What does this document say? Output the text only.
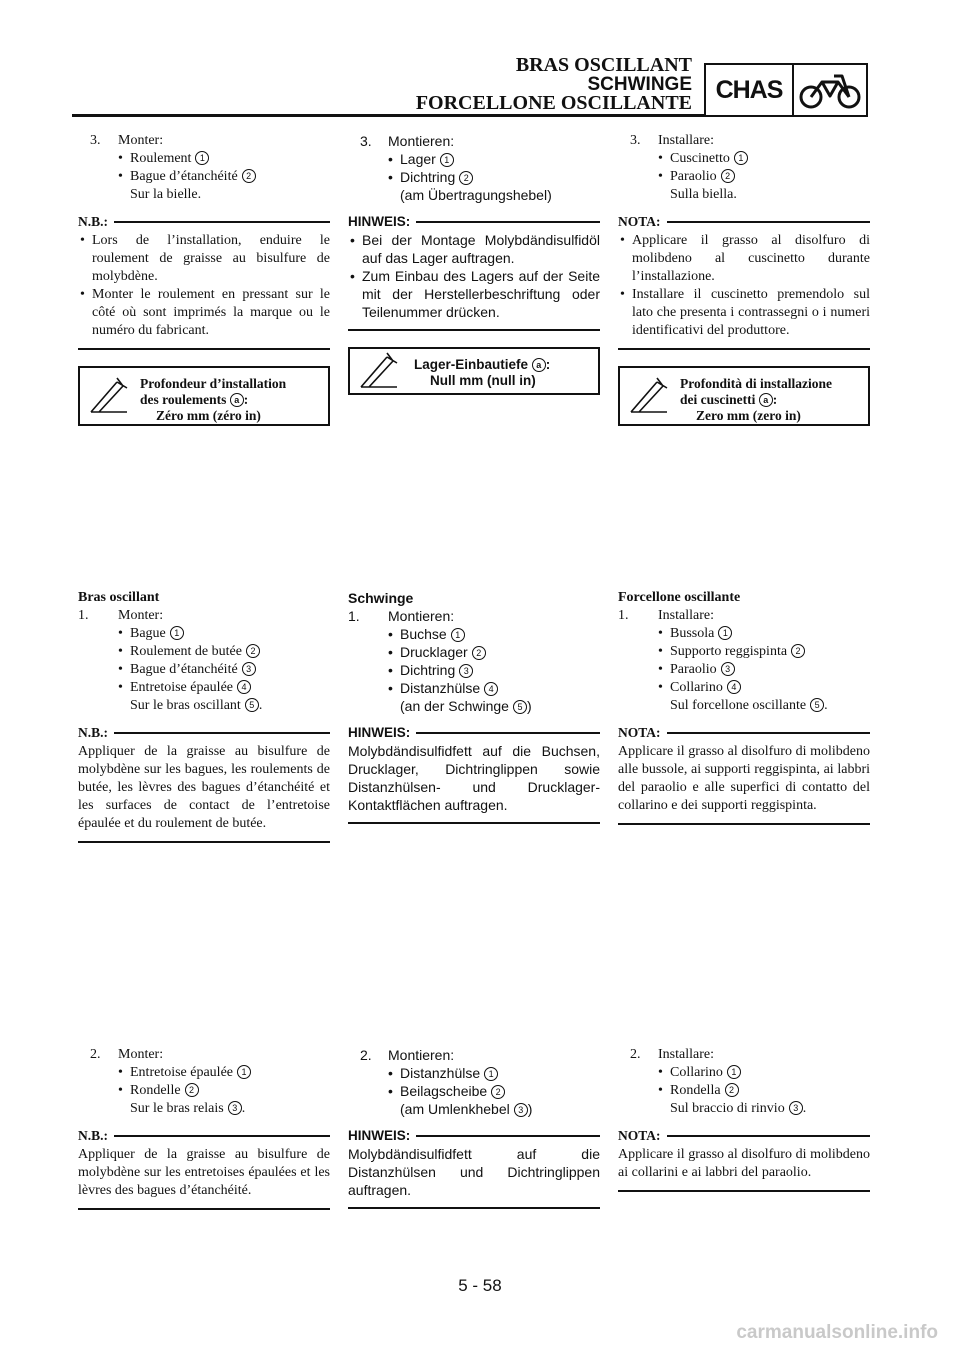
BRAS OSCILLANT
SCHWINGE
FORCELLONE OSCILLANTE CHAS
3. Monter:
• Roulement 1
• Bague d’étanchéité 2
Sur la bielle.
N.B.:
• Lors de l’installation, enduire le roulement de graisse au bisulfure de molybdène.
• Monter le roulement en pressant sur le côté où sont imprimés la marque ou le numéro du fabricant.
Profondeur d’installation
des roulements a :
Zéro mm (zéro in)
Bras oscillant
1. Monter:
• Bague 1
• Roulement de butée 2
• Bague d’étanchéité 3
• Entretoise épaulée 4
Sur le bras oscillant 5 .
N.B.:
Appliquer de la graisse au bisulfure de molybdène sur les bagues, les roulements de butée, les lèvres des bagues d’étanchéité et les surfaces de contact de l’entretoise épaulée et du roulement de butée.
2. Monter:
• Entretoise épaulée 1
• Rondelle 2
Sur le bras relais 3 .
N.B.:
Appliquer de la graisse au bisulfure de molybdène sur les entretoises épaulées et les lèvres des bagues d’étanchéité.
3. Montieren:
• Lager 1
• Dichtring 2
(am Übertragungshebel)
HINWEIS:
• Bei der Montage Molybdändisulfidöl auf das Lager auftragen.
• Zum Einbau des Lagers auf der Seite mit der Herstellerbeschriftung oder Teilenummer drücken.
Lager-Einbautiefe a :
Null mm (null in)
Schwinge
1. Montieren:
• Buchse 1
• Drucklager 2
• Dichtring 3
• Distanzhülse 4
(an der Schwinge 5 )
HINWEIS:
Molybdändisulfidfett auf die Buchsen, Drucklager, Dichtringlippen sowie Distanzhülsen- und Drucklager-Kontaktflächen auftragen.
2. Montieren:
• Distanzhülse 1
• Beilagscheibe 2
(am Umlenkhebel 3 )
HINWEIS:
Molybdändisulfidfett auf die Distanzhülsen und Dichtringlippen auftragen.
3. Installare:
• Cuscinetto 1
• Paraolio 2
Sulla biella.
NOTA:
• Applicare il grasso al disolfuro di molibdeno al cuscinetto durante l’installazione.
• Installare il cuscinetto premendolo sul lato che presenta i contrassegni o i numeri identificativi del produttore.
Profondità di installazione
dei cuscinetti a :
Zero mm (zero in)
Forcellone oscillante
1. Installare:
• Bussola 1
• Supporto reggispinta 2
• Paraolio 3
• Collarino 4
Sul forcellone oscillante 5 .
NOTA:
Applicare il grasso al disolfuro di molibdeno alle bussole, ai supporti reggispinta, ai labbri del paraolio e alle superfici di contatto del collarino e dei supporti reggispinta.
2. Installare:
• Collarino 1
• Rondella 2
Sul braccio di rinvio 3 .
NOTA:
Applicare il grasso al disolfuro di molibdeno ai collarini e ai labbri del paraolio.
5 - 58
carmanualsonline.info
